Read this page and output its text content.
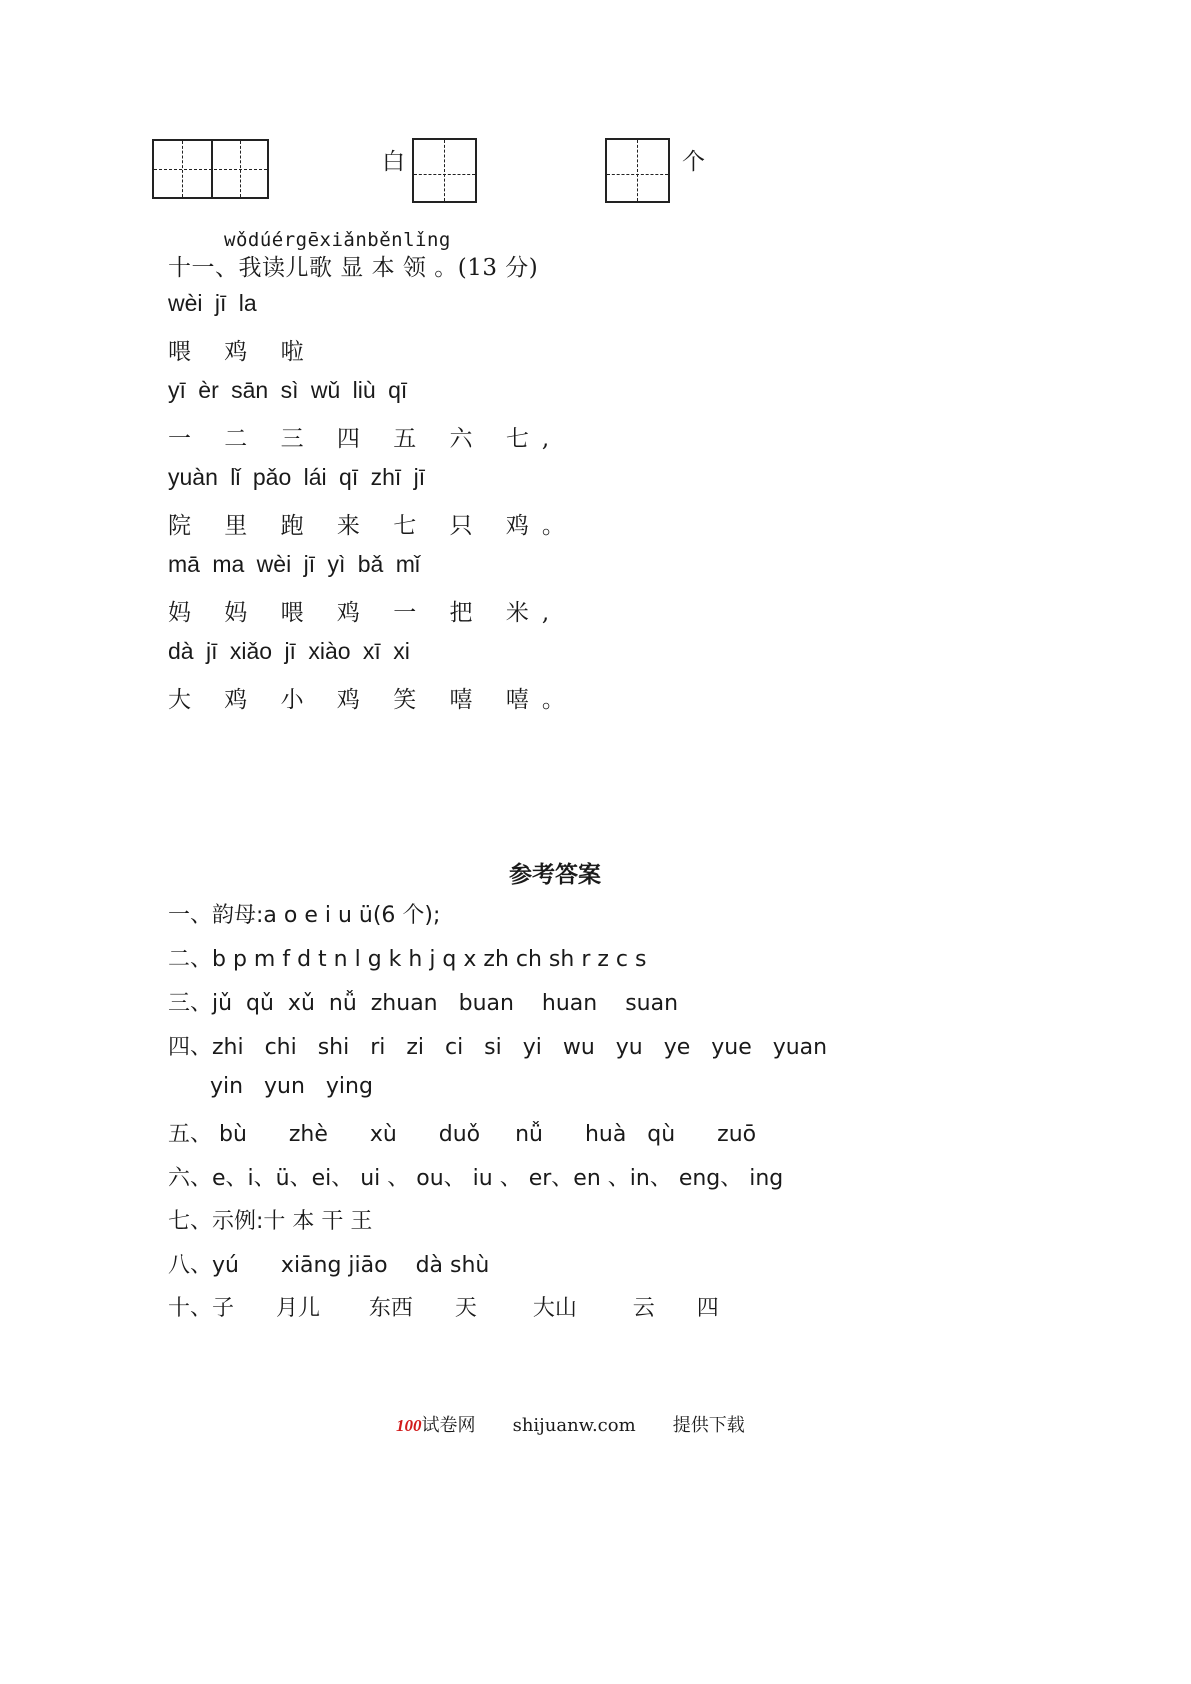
白	个
wǒdúérgēxiǎnběnlǐng
十一、我读儿歌 显 本 领 。(13 分)
wèi jī la
喂 鸡 啦
yī èr sān sì wǔ liù qī
一 二 三 四 五 六 七,
yuàn lǐ pǎo lái qī zhī jī
院 里 跑 来 七 只 鸡。
mā ma wèi jī yì bǎ mǐ
妈 妈 喂 鸡 一 把 米,
dà jī xiǎo jī xiào xī xi
大 鸡 小 鸡 笑 嘻 嘻。
参考答案
一、韵母:a o e i u ü(6 个);
二、b p m f d t n l g k h j q x zh ch sh r z c s
三、jǔ  qǔ  xǔ  nǚ  zhuan   buan    huan    suan
四、zhi   chi   shi   ri   zi   ci   si   yi   wu   yu   ye   yue   yuan
yin   yun   ying
五、 bù      zhè      xù      duǒ     nǚ      huà   qù      zuō
六、e、i、ü、ei、 ui 、 ou、 iu 、 er、en 、in、 eng、 ing
七、示例:十 本 干 王
八、yú      xiāng jiāo    dà shù
十、子      月儿       东西      天        大山        云      四
100试卷网 shijuanw.com 提供下载
